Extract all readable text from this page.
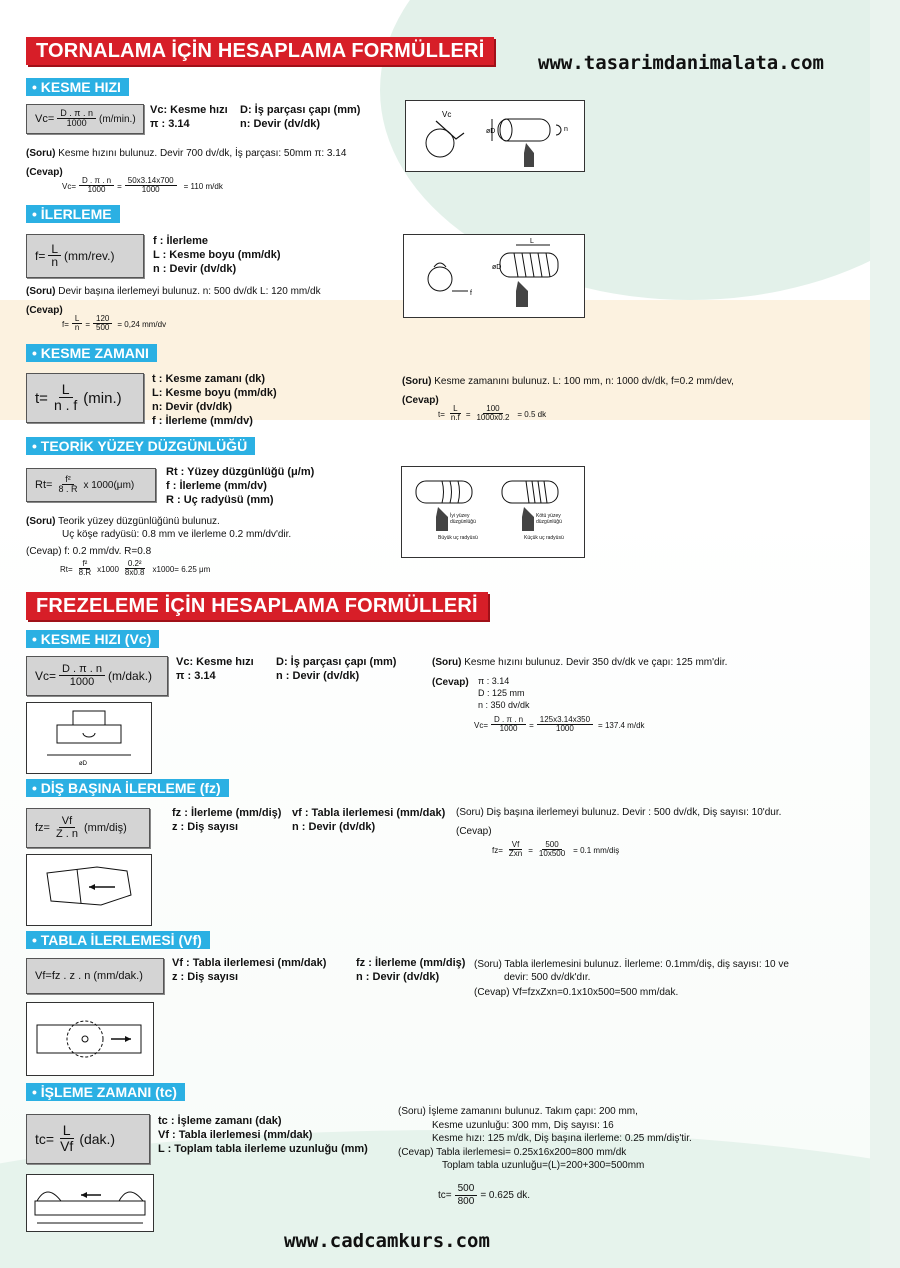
www.tasarimdanimalata.com
TORNALAMA İÇİN HESAPLAMA FORMÜLLERİ
• KESME HIZI
$Vc= \frac{D . \pi . n}{1000} (m/\min.)$
Vc: Kesme hızı
π : 3.14
D: İş parçası çapı (mm)
n: Devir (dv/dk)
(Soru) Kesme hızını bulunuz. Devir 700 dv/dk, İş parçası: 50mm π: 3.14
(Cevap)
$Vc= \frac{D . \pi . n}{1000} = \frac{50x3.14x700}{1000} = 110$ m/dk
Vc
øD	n
• İLERLEME
$f= \frac{L}{n} (mm/rev.)$
f : İlerleme
L : Kesme boyu (mm/dk)
n : Devir (dv/dk)
(Soru) Devir başına ilerlemeyi bulunuz. n: 500 dv/dk L: 120 mm/dk
(Cevap)
$f= \frac{L}{n} = \frac{120}{500} = 0,24$ mm/dv
f
L
øD
• KESME ZAMANI
$t= \frac{L}{n . f} (\min.)$
t : Kesme zamanı (dk)
L: Kesme boyu (mm/dk)
n: Devir (dv/dk)
f : İlerleme (mm/dv)
(Soru) Kesme zamanını bulunuz. L: 100 mm, n: 1000 dv/dk, f=0.2 mm/dev,
(Cevap)
$t= \frac{L}{n.f} = \frac{100}{1000x0.2} = 0.5$ dk
• TEORİK YÜZEY DÜZGÜNLÜĞÜ
$Rt= \frac{\text{f²}}{8 . R}$ x 1000(μm)
Rt : Yüzey düzgünlüğü (μ/m)
f : İlerleme (mm/dv)
R : Uç radyüsü (mm)
(Soru) Teorik yüzey düzgünlüğünü bulunuz.
Uç köşe radyüsü: 0.8 mm ve ilerleme 0.2 mm/dv'dir.
(Cevap) f: 0.2 mm/dv. R=0.8
$Rt= \frac{\text{f²}}{8.R} x1000 \frac{\text{0.2²}}{8x0.8} x1000= 6.25$ μm
İyi yüzey düzgünlüğü
Büyük uç radyüsü
Kötü yüzey düzgünlüğü
Küçük uç radyüsü
FREZELEME İÇİN HESAPLAMA FORMÜLLERİ
• KESME HIZI (Vc)
$Vc= \frac{D . \pi . n}{1000} (m/dak.)$
Vc: Kesme hızı
π : 3.14
D: İş parçası çapı (mm)
n : Devir (dv/dk)
(Soru) Kesme hızını bulunuz. Devir 350 dv/dk ve çapı: 125 mm'dir.
(Cevap) π : 3.14
D : 125 mm
n : 350 dv/dk
$Vc= \frac{D . \pi . n}{1000} = \frac{125x3.14x350}{1000} = 137.4$ m/dk
øD
• DİŞ BAŞINA İLERLEME (fz)
$fz= \frac{Vf}{Z . n}$ (mm/diş)
fz : İlerleme (mm/diş)
z : Diş sayısı
vf : Tabla ilerlemesi (mm/dak)
n : Devir (dv/dk)
(Soru) Diş başına ilerlemeyi bulunuz. Devir : 500 dv/dk, Diş sayısı: 10'dur.
(Cevap)
$fz= \frac{Vf}{\text{Zxn}} = \frac{500}{10x500} = 0.1$ mm/diş
• TABLA İLERLEMESİ (Vf)
Vf=fz . z . n (mm/dak.)
Vf : Tabla ilerlemesi (mm/dak)
z : Diş sayısı
fz : İlerleme (mm/diş)
n : Devir (dv/dk)
(Soru) Tabla ilerlemesini bulunuz. İlerleme: 0.1mm/diş, diş sayısı: 10 ve
devir: 500 dv/dk'dır.
(Cevap) Vf=fzxZxn=0.1x10x500=500 mm/dak.
• İŞLEME ZAMANI (tc)
$tc= \frac{L}{Vf} (dak.)$
tc : İşleme zamanı (dak)
Vf : Tabla ilerlemesi (mm/dak)
L : Toplam tabla ilerleme uzunluğu (mm)
(Soru) İşleme zamanını bulunuz. Takım çapı: 200 mm,
Kesme uzunluğu: 300 mm, Diş sayısı: 16
Kesme hızı: 125 m/dk, Diş başına ilerleme: 0.25 mm/diş'tir.
(Cevap) Tabla ilerlemesi= 0.25x16x200=800 mm/dk
Toplam tabla uzunluğu=(L)=200+300=500mm
$tc= \frac{500}{800} = 0.625$ dk.
www.cadcamkurs.com
